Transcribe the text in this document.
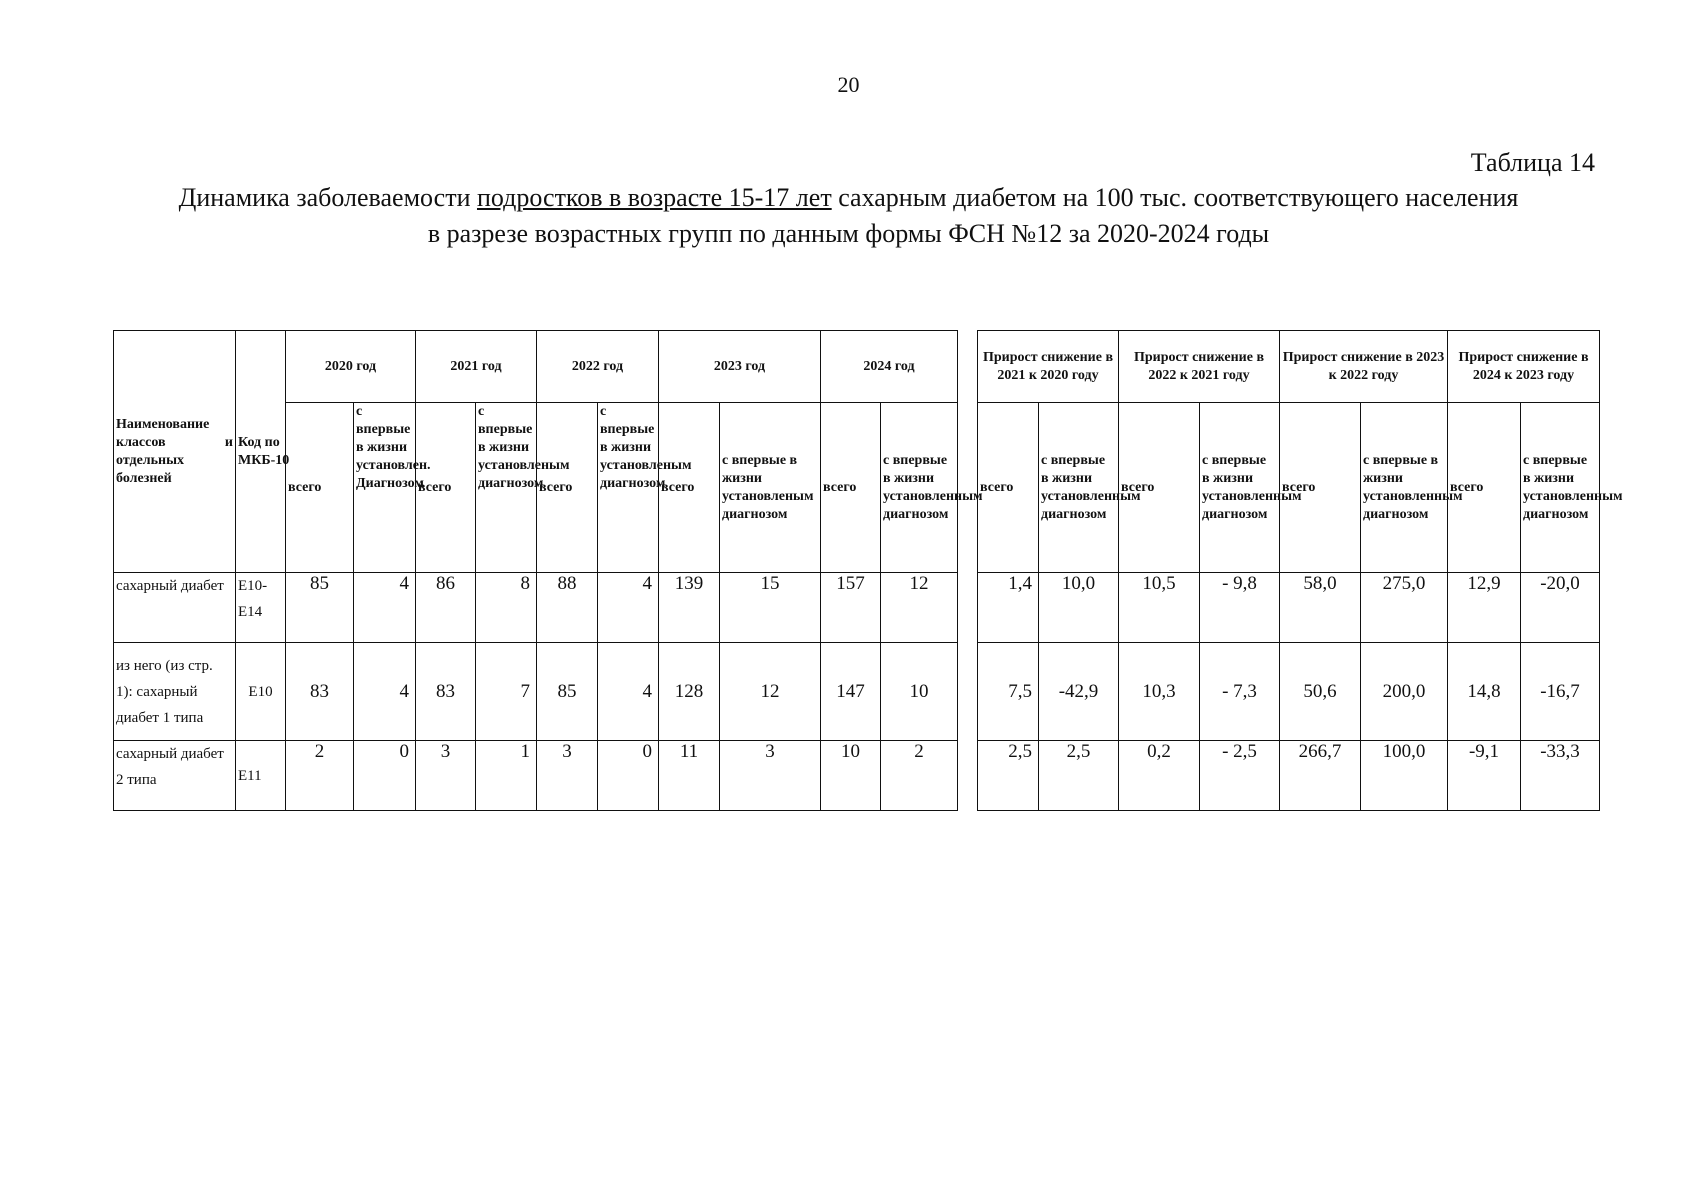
20
Таблица 14
Динамика заболеваемости подростков в возрасте 15-17 лет сахарным диабетом на 100 тыс. соответствующего населения
в разрезе возрастных групп по данным формы ФСН №12 за 2020-2024 годы
Наименование классов и отдельных болезней	Код по МКБ-10	2020 год		2021 год		2022 год		2023 год		2024 год	
		всего	с впервые в жизни установлен. Диагнозом	всего	с впервые в жизни установленым диагнозом	всего	с впервые в жизни установленым диагнозом	всего	с впервые в жизни установленым диагнозом	всего	с впервые в жизни установленным диагнозом
сахарный диабет	E10-E14	85	4	86	8	88	4	139	15	157	12
из него (из стр. 1): сахарный диабет 1 типа	E10	83	4	83	7	85	4	128	12	147	10
сахарный диабет 2 типа	E11	2	0	3	1	3	0	11	3	10	2
Прирост снижение в 2021 к 2020 году		Прирост снижение в 2022 к 2021 году		Прирост снижение в 2023 к 2022 году		Прирост снижение в 2024 к 2023 году	
всего	с впервые в жизни установленным диагнозом	всего	с впервые в жизни установленным диагнозом	всего	с впервые в жизни установленным диагнозом	всего	с впервые в жизни установленным диагнозом
1,4	10,0	10,5	- 9,8	58,0	275,0	12,9	-20,0
7,5	-42,9	10,3	- 7,3	50,6	200,0	14,8	-16,7
2,5	2,5	0,2	- 2,5	266,7	100,0	-9,1	-33,3
